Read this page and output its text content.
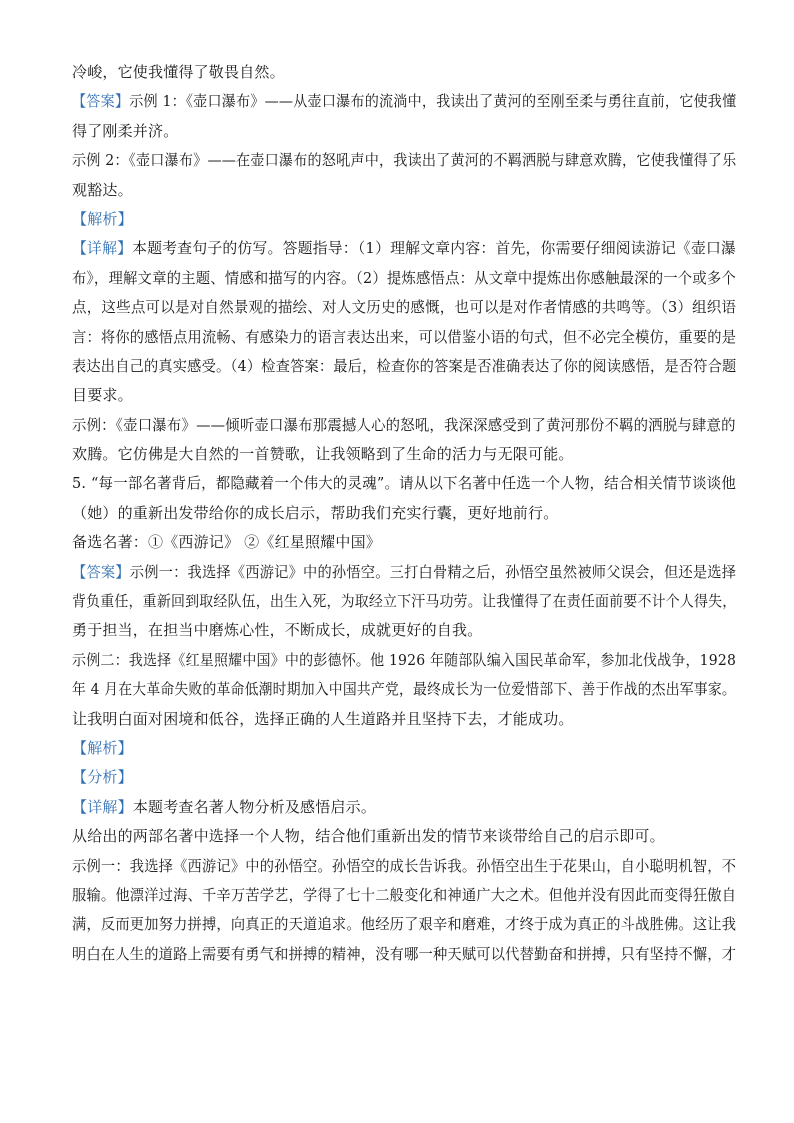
冷峻，它使我懂得了敬畏自然。
【答案】示例 1：《壶口瀑布》——从壶口瀑布的流淌中，我读出了黄河的至刚至柔与勇往直前，它使我懂
得了刚柔并济。
示例 2：《壶口瀑布》——在壶口瀑布的怒吼声中，我读出了黄河的不羁洒脱与肆意欢腾，它使我懂得了乐
观豁达。
【解析】
【详解】本题考查句子的仿写。答题指导：（1）理解文章内容：首先，你需要仔细阅读游记《壶口瀑
布》，理解文章的主题、情感和描写的内容。（2）提炼感悟点：从文章中提炼出你感触最深的一个或多个
点，这些点可以是对自然景观的描绘、对人文历史的感慨，也可以是对作者情感的共鸣等。（3）组织语
言：将你的感悟点用流畅、有感染力的语言表达出来，可以借鉴小语的句式，但不必完全模仿，重要的是
表达出自己的真实感受。（4）检查答案：最后，检查你的答案是否准确表达了你的阅读感悟，是否符合题
目要求。
示例：《壶口瀑布》——倾听壶口瀑布那震撼人心的怒吼，我深深感受到了黄河那份不羁的洒脱与肆意的
欢腾。它仿佛是大自然的一首赞歌，让我领略到了生命的活力与无限可能。
5. “每一部名著背后，都隐藏着一个伟大的灵魂”。请从以下名著中任选一个人物，结合相关情节谈谈他
（她）的重新出发带给你的成长启示，帮助我们充实行囊，更好地前行。
备选名著：①《西游记》 ②《红星照耀中国》
【答案】示例一：我选择《西游记》中的孙悟空。三打白骨精之后，孙悟空虽然被师父误会，但还是选择
背负重任，重新回到取经队伍，出生入死，为取经立下汗马功劳。让我懂得了在责任面前要不计个人得失，
勇于担当，在担当中磨炼心性，不断成长，成就更好的自我。
示例二：我选择《红星照耀中国》中的彭德怀。他 1926 年随部队编入国民革命军，参加北伐战争，1928
年 4 月在大革命失败的革命低潮时期加入中国共产党，最终成长为一位爱惜部下、善于作战的杰出军事家。
让我明白面对困境和低谷，选择正确的人生道路并且坚持下去，才能成功。
【解析】
【分析】
【详解】本题考查名著人物分析及感悟启示。
从给出的两部名著中选择一个人物，结合他们重新出发的情节来谈带给自己的启示即可。
示例一：我选择《西游记》中的孙悟空。孙悟空的成长告诉我。孙悟空出生于花果山，自小聪明机智，不
服输。他漂洋过海、千辛万苦学艺，学得了七十二般变化和神通广大之术。但他并没有因此而变得狂傲自
满，反而更加努力拼搏，向真正的天道追求。他经历了艰辛和磨难，才终于成为真正的斗战胜佛。这让我
明白在人生的道路上需要有勇气和拼搏的精神，没有哪一种天赋可以代替勤奋和拼搏，只有坚持不懈，才
